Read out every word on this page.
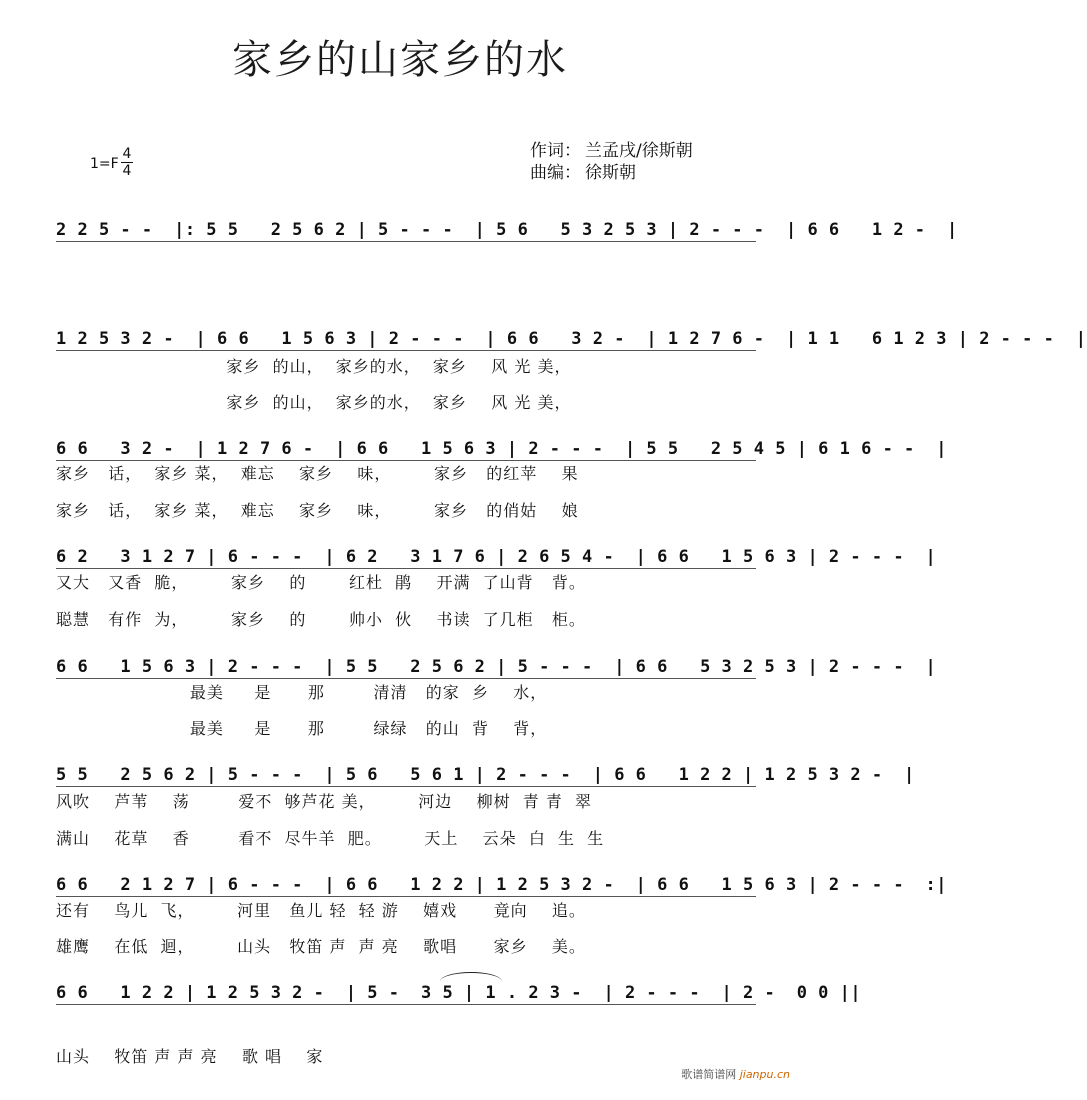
家乡的山家乡的水
1=F
4
4
作词： 兰孟戌/徐斯朝
曲编： 徐斯朝
2 2 5 - -  |: 5 5   2 5 6 2 | 5 - - -  | 5 6   5 3 2 5 3 | 2 - - -  | 6 6   1 2 -  |
1 2 5 3 2 -  | 6 6   1 5 6 3 | 2 - - -  | 6 6   3 2 -  | 1 2 7 6 -  | 1 1   6 1 2 3 | 2 - - -  |
家乡  的山，  家乡的水，  家乡    风 光 美，
家乡  的山，  家乡的水，  家乡    风 光 美，
6 6   3 2 -  | 1 2 7 6 -  | 6 6   1 5 6 3 | 2 - - -  | 5 5   2 5 4 5 | 6 1 6 - -  |
家乡   话，  家乡 菜，  难忘    家乡    味，       家乡   的红苹    果
家乡   话，  家乡 菜，  难忘    家乡    味，       家乡   的俏姑    娘
6 2   3 1 2 7 | 6 - - -  | 6 2   3 1 7 6 | 2 6 5 4 -  | 6 6   1 5 6 3 | 2 - - -  |
又大   又香  脆，       家乡    的       红杜  鹃    开满  了山背   背。
聪慧   有作  为，       家乡    的       帅小  伙    书读  了几柜   柜。
6 6   1 5 6 3 | 2 - - -  | 5 5   2 5 6 2 | 5 - - -  | 6 6   5 3 2 5 3 | 2 - - -  |
最美     是      那        清清   的家  乡    水，
最美     是      那        绿绿   的山  背    背，
5 5   2 5 6 2 | 5 - - -  | 5 6   5 6 1 | 2 - - -  | 6 6   1 2 2 | 1 2 5 3 2 -  |
风吹    芦苇    荡        爱不  够芦花 美，       河边    柳树  青 青  翠
满山    花草    香        看不  尽牛羊  肥。       天上    云朵  白  生  生
6 6   2 1 2 7 | 6 - - -  | 6 6   1 2 2 | 1 2 5 3 2 -  | 6 6   1 5 6 3 | 2 - - -  :|
还有    鸟儿  飞，       河里   鱼儿 轻  轻 游    嬉戏      竟向    追。
雄鹰    在低  迴，       山头   牧笛 声  声 亮    歌唱      家乡    美。
6 6   1 2 2 | 1 2 5 3 2 -  | 5 -  3 5 | 1 . 2 3 -  | 2 - - -  | 2 -  0 0 ||
山头    牧笛 声 声 亮    歌 唱    家
歌谱简谱网 jianpu.cn
